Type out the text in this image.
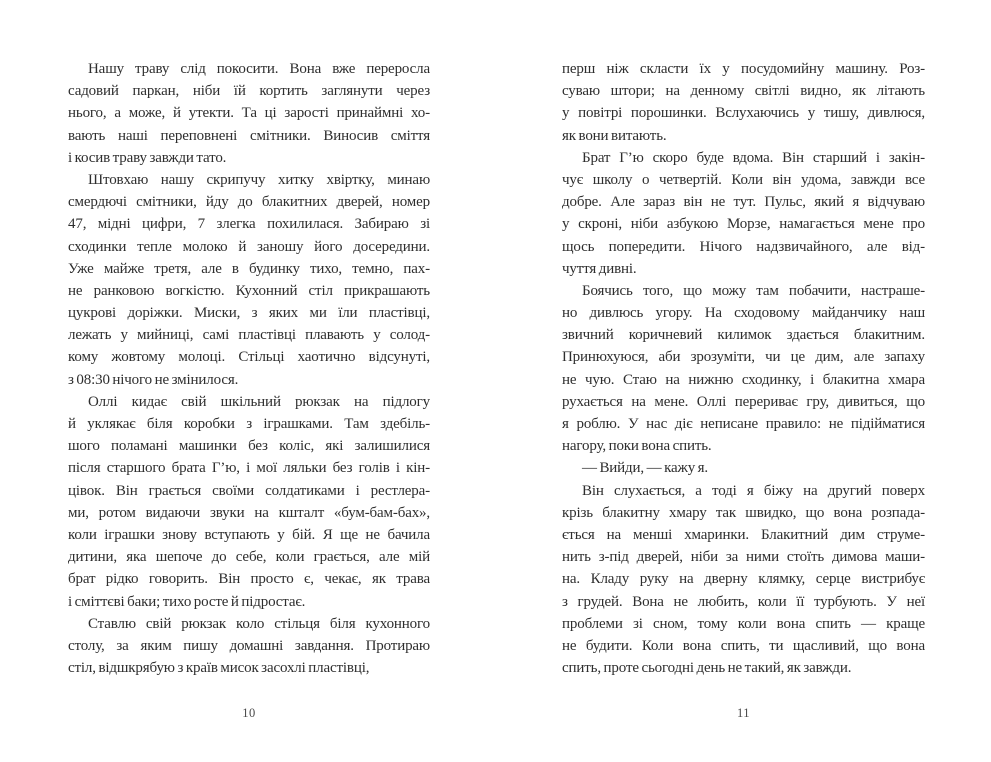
Нашу траву слід покосити. Вона вже переросла
садовий паркан, ніби їй кортить заглянути через
нього, а може, й утекти. Та ці зарості принаймні хо-
вають наші переповнені смітники. Виносив сміття
і косив траву завжди тато.
Штовхаю нашу скрипучу хитку хвіртку, минаю
смердючі смітники, йду до блакитних дверей, номер
47, мідні цифри, 7 злегка похилилася. Забираю зі
сходинки тепле молоко й заношу його досередини.
Уже майже третя, але в будинку тихо, темно, пах-
не ранковою вогкістю. Кухонний стіл прикрашають
цукрові доріжки. Миски, з яких ми їли пластівці,
лежать у мийниці, самі пластівці плавають у солод-
кому жовтому молоці. Стільці хаотично відсунуті,
з 08:30 нічого не змінилося.
Оллі кидає свій шкільний рюкзак на підлогу
й уклякає біля коробки з іграшками. Там здебіль-
шого поламані машинки без коліс, які залишилися
після старшого брата Г’ю, і мої ляльки без голів і кін-
цівок. Він грається своїми солдатиками і рестлера-
ми, ротом видаючи звуки на кшталт «бум-бам-бах»,
коли іграшки знову вступають у бій. Я ще не бачила
дитини, яка шепоче до себе, коли грається, але мій
брат рідко говорить. Він просто є, чекає, як трава
і сміттєві баки; тихо росте й підростає.
Ставлю свій рюкзак коло стільця біля кухонного
столу, за яким пишу домашні завдання. Протираю
стіл, відшкрябую з країв мисок засохлі пластівці,
10
перш ніж скласти їх у посудомийну машину. Роз-
суваю штори; на денному світлі видно, як літають
у повітрі порошинки. Вслухаючись у тишу, дивлюся,
як вони витають.
Брат Г’ю скоро буде вдома. Він старший і закін-
чує школу о четвертій. Коли він удома, завжди все
добре. Але зараз він не тут. Пульс, який я відчуваю
у скроні, ніби азбукою Морзе, намагається мене про
щось попередити. Нічого надзвичайного, але від-
чуття дивні.
Боячись того, що можу там побачити, настраше-
но дивлюсь угору. На сходовому майданчику наш
звичний коричневий килимок здається блакитним.
Принюхуюся, аби зрозуміти, чи це дим, але запаху
не чую. Стаю на нижню сходинку, і блакитна хмара
рухається на мене. Оллі перериває гру, дивиться, що
я роблю. У нас діє неписане правило: не підійматися
нагору, поки вона спить.
— Вийди, — кажу я.
Він слухається, а тоді я біжу на другий поверх
крізь блакитну хмару так швидко, що вона розпада-
ється на менші хмаринки. Блакитний дим струме-
нить з-під дверей, ніби за ними стоїть димова маши-
на. Кладу руку на дверну клямку, серце вистрибує
з грудей. Вона не любить, коли її турбують. У неї
проблеми зі сном, тому коли вона спить — краще
не будити. Коли вона спить, ти щасливий, що вона
спить, проте сьогодні день не такий, як завжди.
11
